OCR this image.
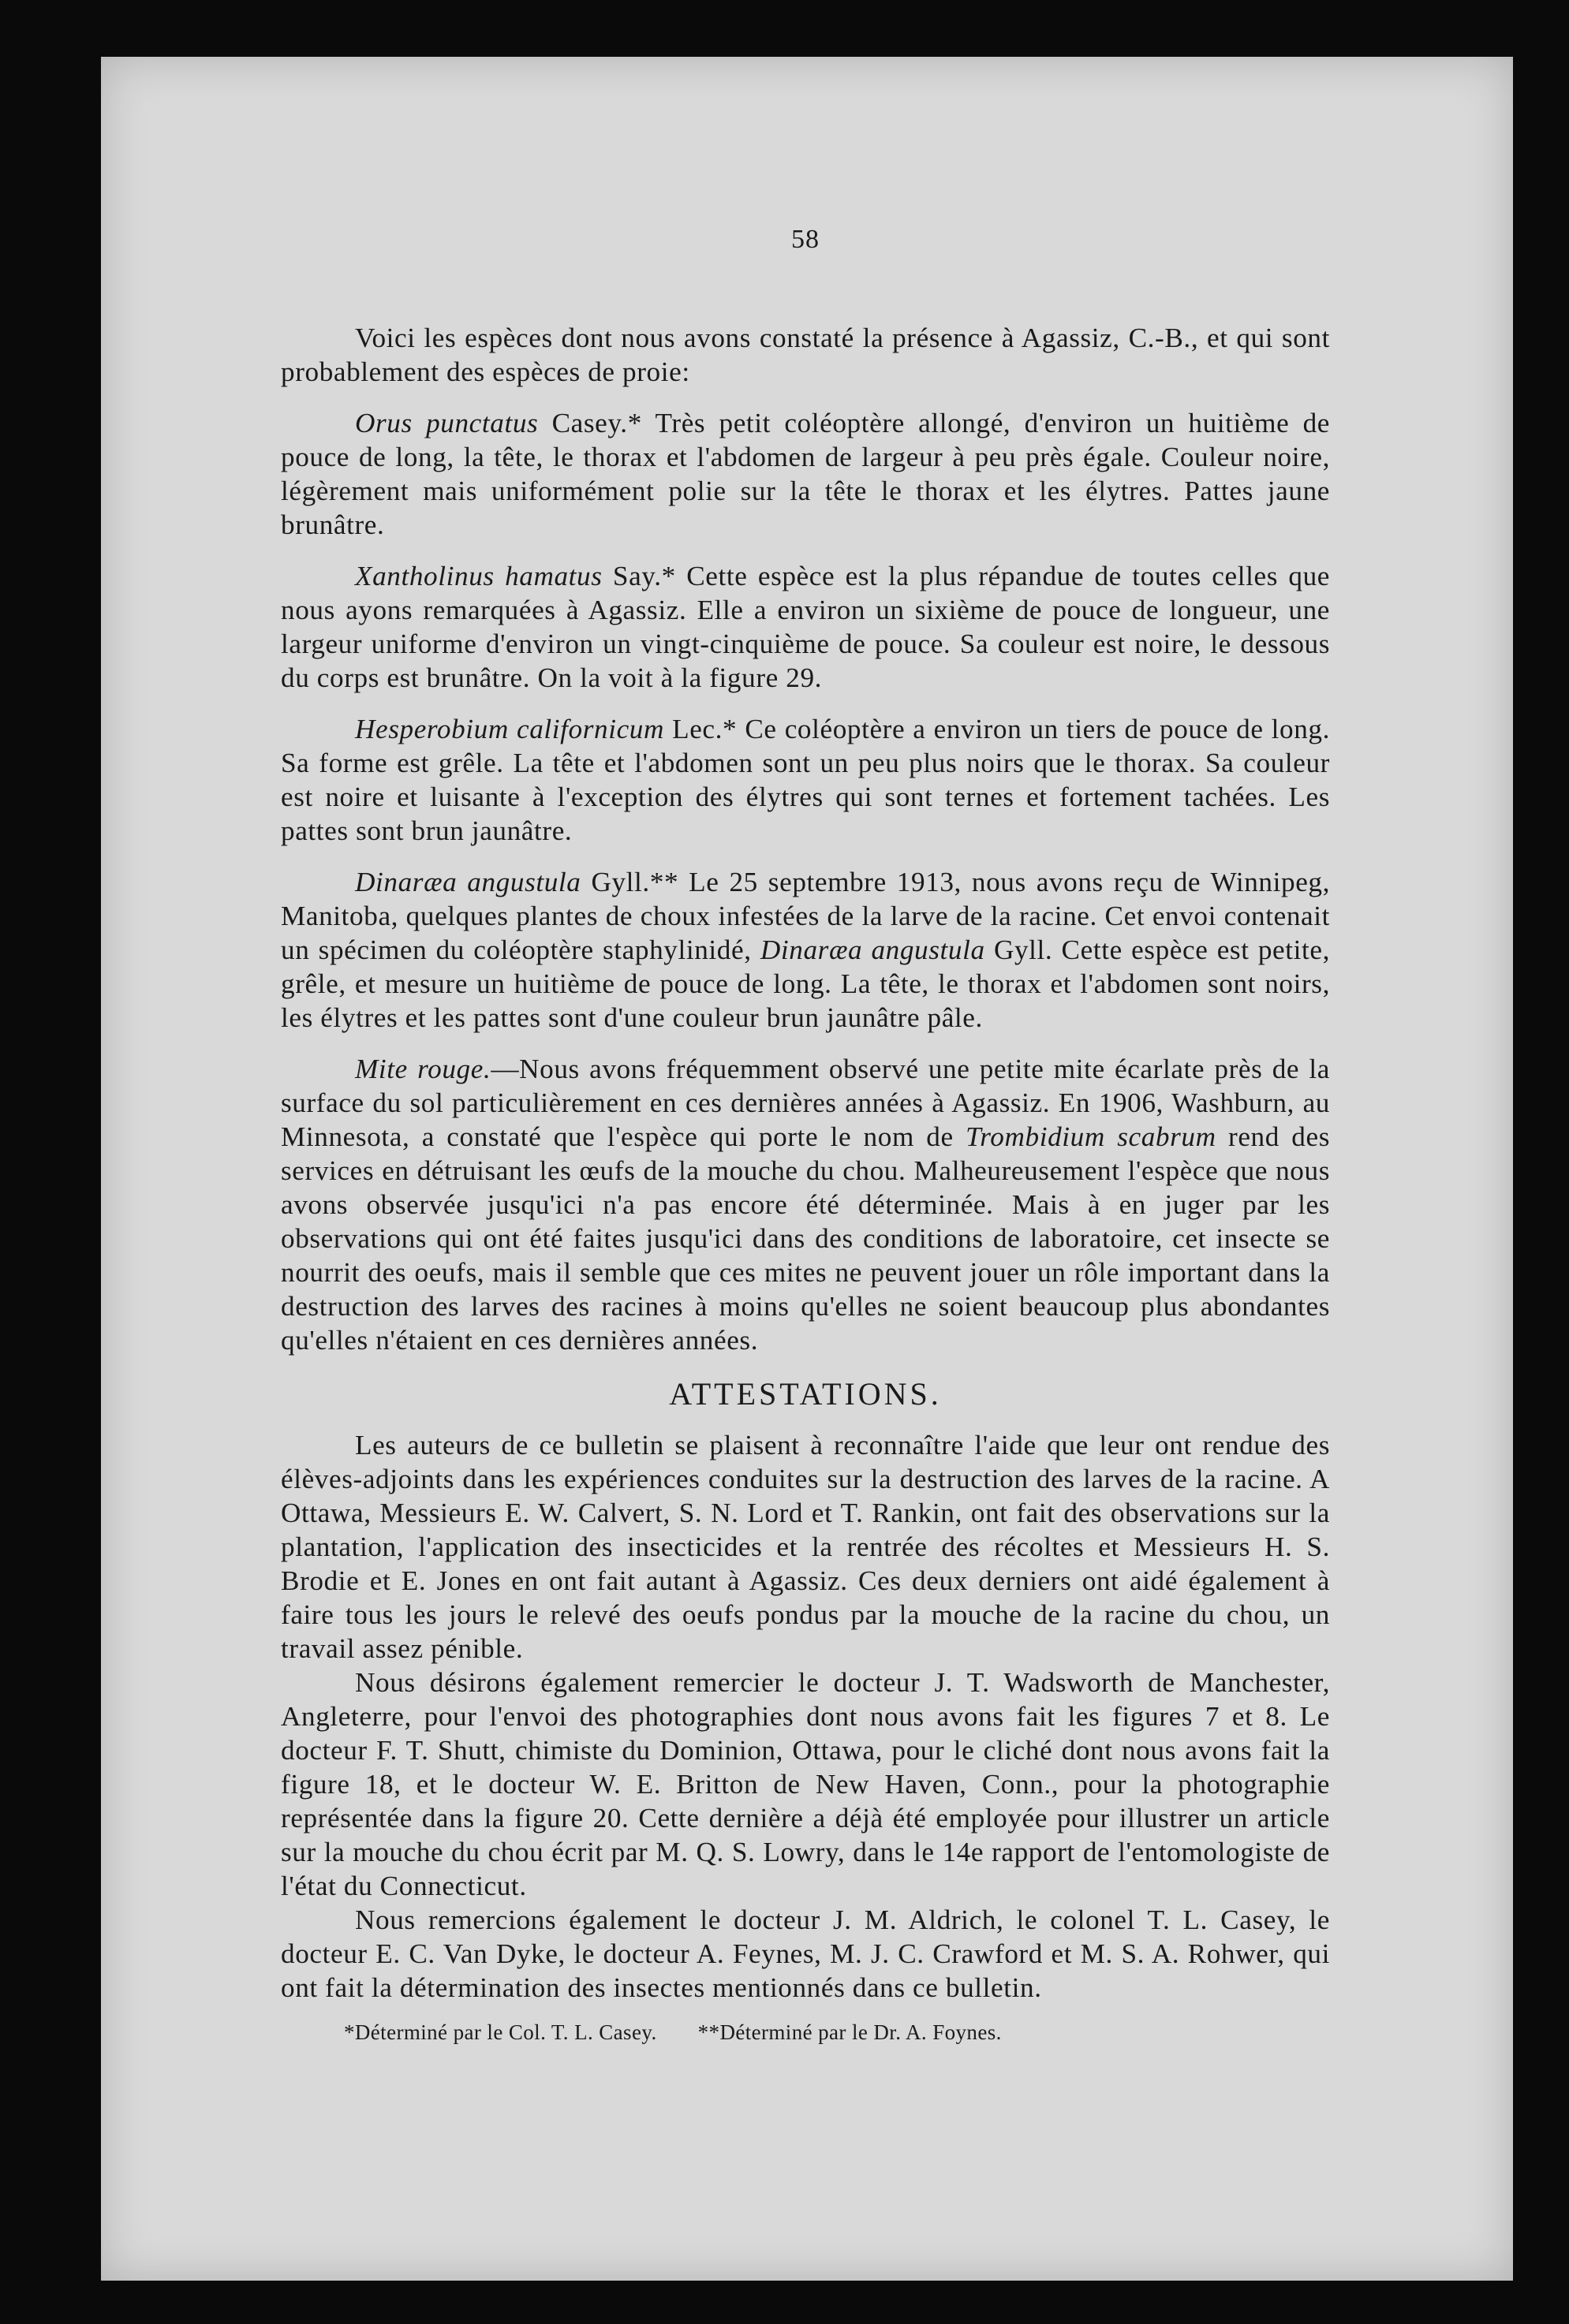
58

Voici les espèces dont nous avons constaté la présence à Agassiz, C.-B., et qui sont probablement des espèces de proie:

Orus punctatus Casey.* Très petit coléoptère allongé, d'environ un huitième de pouce de long, la tête, le thorax et l'abdomen de largeur à peu près égale. Couleur noire, légèrement mais uniformément polie sur la tête le thorax et les élytres. Pattes jaune brunâtre.

Xantholinus hamatus Say.* Cette espèce est la plus répandue de toutes celles que nous ayons remarquées à Agassiz. Elle a environ un sixième de pouce de longueur, une largeur uniforme d'environ un vingt-cinquième de pouce. Sa couleur est noire, le dessous du corps est brunâtre. On la voit à la figure 29.

Hesperobium californicum Lec.* Ce coléoptère a environ un tiers de pouce de long. Sa forme est grêle. La tête et l'abdomen sont un peu plus noirs que le thorax. Sa couleur est noire et luisante à l'exception des élytres qui sont ternes et fortement tachées. Les pattes sont brun jaunâtre.

Dinaræa angustula Gyll.** Le 25 septembre 1913, nous avons reçu de Winnipeg, Manitoba, quelques plantes de choux infestées de la larve de la racine. Cet envoi contenait un spécimen du coléoptère staphylinidé, Dinaræa angustula Gyll. Cette espèce est petite, grêle, et mesure un huitième de pouce de long. La tête, le thorax et l'abdomen sont noirs, les élytres et les pattes sont d'une couleur brun jaunâtre pâle.

Mite rouge.—Nous avons fréquemment observé une petite mite écarlate près de la surface du sol particulièrement en ces dernières années à Agassiz. En 1906, Washburn, au Minnesota, a constaté que l'espèce qui porte le nom de Trombidium scabrum rend des services en détruisant les œufs de la mouche du chou. Malheureusement l'espèce que nous avons observée jusqu'ici n'a pas encore été déterminée. Mais à en juger par les observations qui ont été faites jusqu'ici dans des conditions de laboratoire, cet insecte se nourrit des oeufs, mais il semble que ces mites ne peuvent jouer un rôle important dans la destruction des larves des racines à moins qu'elles ne soient beaucoup plus abondantes qu'elles n'étaient en ces dernières années.

ATTESTATIONS.

Les auteurs de ce bulletin se plaisent à reconnaître l'aide que leur ont rendue des élèves-adjoints dans les expériences conduites sur la destruction des larves de la racine. A Ottawa, Messieurs E. W. Calvert, S. N. Lord et T. Rankin, ont fait des observations sur la plantation, l'application des insecticides et la rentrée des récoltes et Messieurs H. S. Brodie et E. Jones en ont fait autant à Agassiz. Ces deux derniers ont aidé également à faire tous les jours le relevé des oeufs pondus par la mouche de la racine du chou, un travail assez pénible.

Nous désirons également remercier le docteur J. T. Wadsworth de Manchester, Angleterre, pour l'envoi des photographies dont nous avons fait les figures 7 et 8. Le docteur F. T. Shutt, chimiste du Dominion, Ottawa, pour le cliché dont nous avons fait la figure 18, et le docteur W. E. Britton de New Haven, Conn., pour la photographie représentée dans la figure 20. Cette dernière a déjà été employée pour illustrer un article sur la mouche du chou écrit par M. Q. S. Lowry, dans le 14e rapport de l'entomologiste de l'état du Connecticut.

Nous remercions également le docteur J. M. Aldrich, le colonel T. L. Casey, le docteur E. C. Van Dyke, le docteur A. Feynes, M. J. C. Crawford et M. S. A. Rohwer, qui ont fait la détermination des insectes mentionnés dans ce bulletin.

*Déterminé par le Col. T. L. Casey. **Déterminé par le Dr. A. Foynes.
